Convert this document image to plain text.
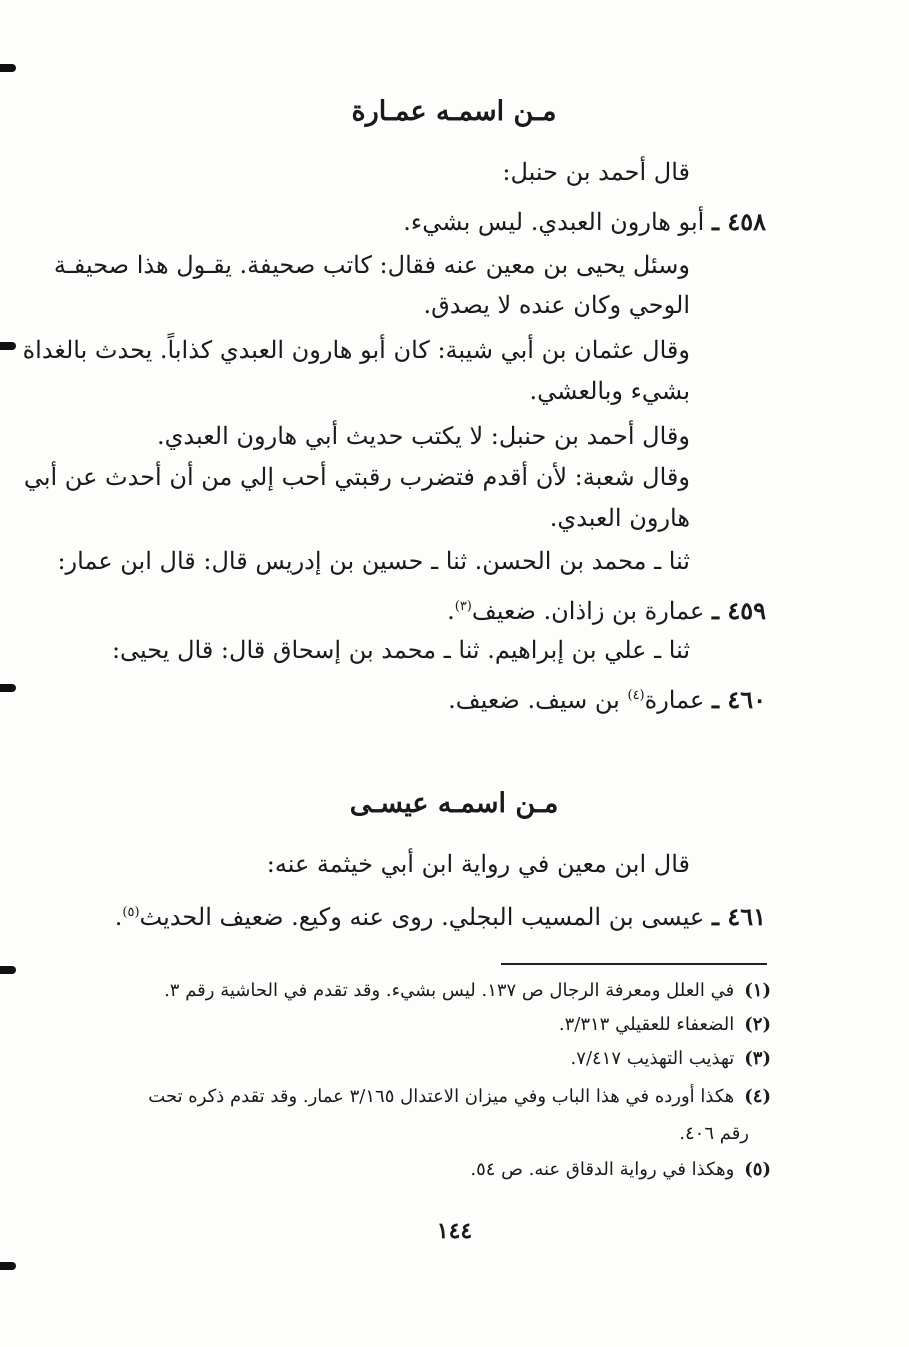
مـن اسمـه عمـارة
قال أحمد بن حنبل:
٤٥٨ ـ أبو هارون العبدي. ليس بشيء.
وسئل يحيى بن معين عنه فقال: كاتب صحيفة. يقـول هذا صحيفـة
الوحي وكان عنده لا يصدق.
وقال عثمان بن أبي شيبة: كان أبو هارون العبدي كذاباً. يحدث بالغداة
بشيء وبالعشي.
وقال أحمد بن حنبل: لا يكتب حديث أبي هارون العبدي.
وقال شعبة: لأن أقدم فتضرب رقبتي أحب إلي من أن أحدث عن أبي
هارون العبدي.
ثنا ـ محمد بن الحسن. ثنا ـ حسين بن إدريس قال: قال ابن عمار:
٤٥٩ ـ عمارة بن زاذان. ضعيف$^{(٣)}$.
ثنا ـ علي بن إبراهيم. ثنا ـ محمد بن إسحاق قال: قال يحيى:
٤٦٠ ـ عمارة$^{(٤)}$ بن سيف. ضعيف.
مـن اسمـه عيسـى
قال ابن معين في رواية ابن أبي خيثمة عنه:
٤٦١ ـ عيسى بن المسيب البجلي. روى عنه وكيع. ضعيف الحديث$^{(٥)}$.
(١)في العلل ومعرفة الرجال ص ١٣٧. ليس بشيء. وقد تقدم في الحاشية رقم ٣.
(٢)الضعفاء للعقيلي ٣/٣١٣.
(٣)تهذيب التهذيب ٧/٤١٧.
(٤)هكذا أورده في هذا الباب وفي ميزان الاعتدال ٣/١٦٥ عمار. وقد تقدم ذكره تحت
رقم ٤٠٦.
(٥)وهكذا في رواية الدقاق عنه. ص ٥٤.
١٤٤
